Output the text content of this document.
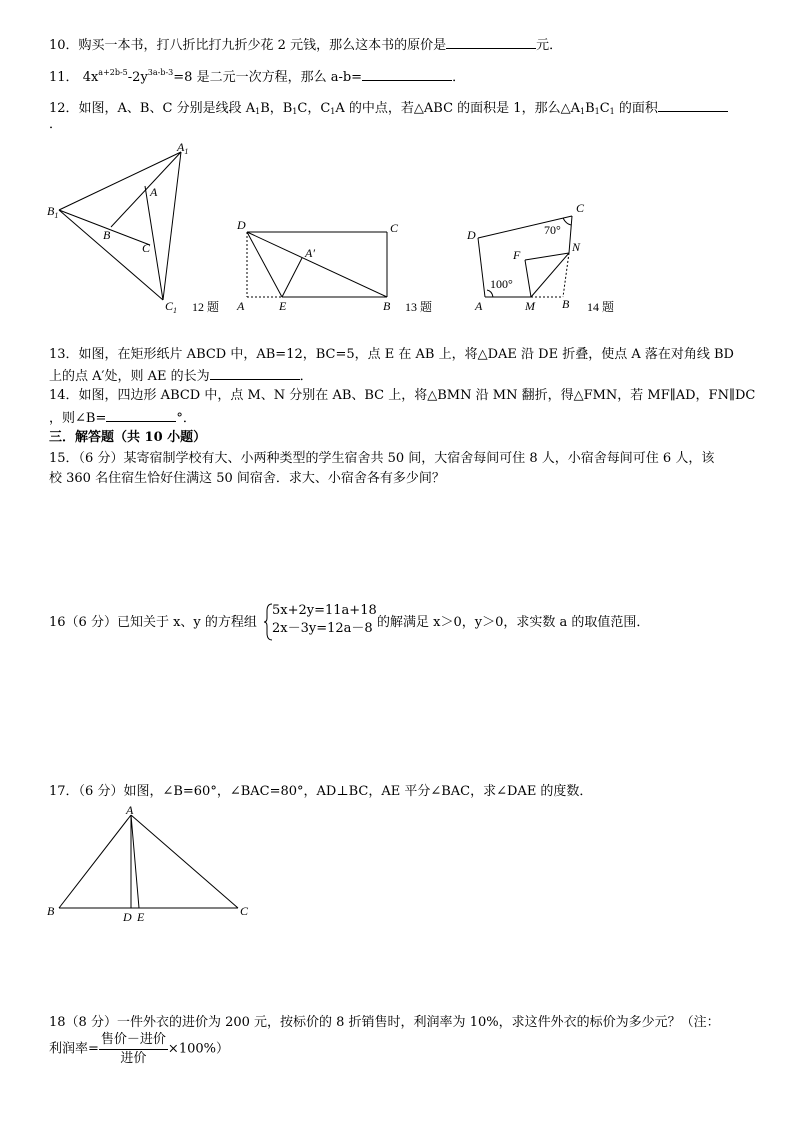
10．购买一本书，打八折比打九折少花 2 元钱，那么这本书的原价是	元．
11． $4x^{a+2b-5}-2y^{3a-b-3}=8$ 是二元一次方程，那么 a-b=	．
12．如图，A、B、C 分别是线段 $A_1B$，$B_1C$，$C_1A$ 的中点，若△ABC 的面积是 1，那么$\triangle A_1B_1C_1$ 的面积
．
$A_1$
$B_1$
$C_1$
A
B
C
12 题
D	C
A′
A	E	B 13 题
D
C
N
F
A	M B
70°
100°
14 题
13．如图，在矩形纸片 ABCD 中，AB=12，BC=5，点 E 在 AB 上，将△DAE 沿 DE 折叠，使点 A 落在对角线 BD
上的点 A′处，则 AE 的长为	．
14．如图，四边形 ABCD 中，点 M、N 分别在 AB、BC 上，将△BMN 沿 MN 翻折，得△FMN，若 MF∥AD，FN∥DC
，则∠B=	°．
三．解答题（共 10 小题）
15．（6 分）某寄宿制学校有大、小两种类型的学生宿舍共 50 间，大宿舍每间可住 8 人，小宿舍每间可住 6 人，该
校 360 名住宿生恰好住满这 50 间宿舍．求大、小宿舍各有多少间？
16（6 分）已知关于 x、y 的方程组
5x+2y=11a+18
2x－3y=12a－8 的解满足 x＞0，y＞0，求实数 a 的取值范围．
17．（6 分）如图，∠B=60°，∠BAC=80°，AD⊥BC，AE 平分∠BAC，求∠DAE 的度数．
A
B	C
D E
18（8 分）一件外衣的进价为 200 元，按标价的 8 折销售时，利润率为 10%，求这件外衣的标价为多少元？（注：
利润率= $\frac{\text{售价－进价}}{\text{进价}} \times 100\%$）
